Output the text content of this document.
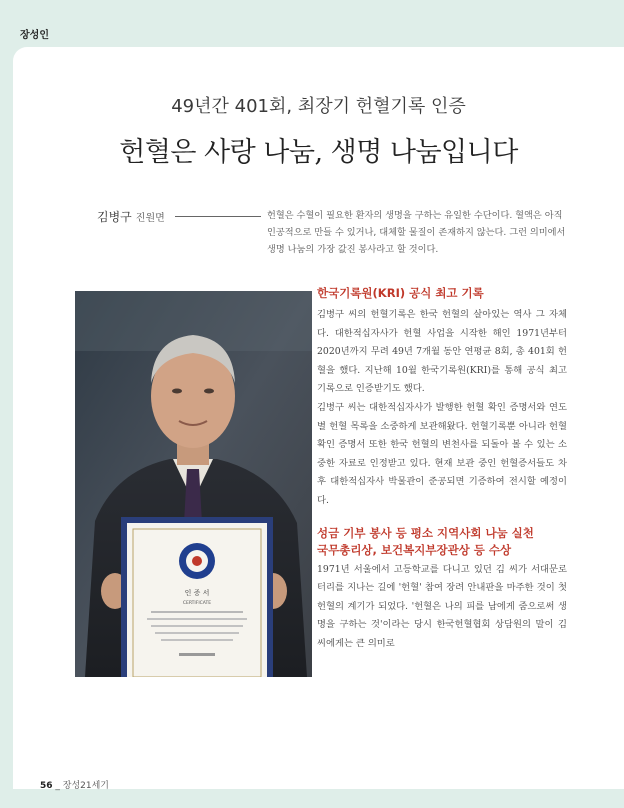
장성인
49년간 401회, 최장기 헌혈기록 인증
헌혈은 사랑 나눔, 생명 나눔입니다
김병구 진원면	헌혈은 수혈이 필요한 환자의 생명을 구하는 유일한 수단이다. 혈액은 아직 인공적으로 만들 수 있거나, 대체할 물질이 존재하지 않는다. 그런 의미에서 생명 나눔의 가장 값진 봉사라고 할 것이다.
인 증 서
CERTIFICATE
한국기록원(KRI) 공식 최고 기록

김병구 씨의 헌혈기록은 한국 헌혈의 살아있는 역사 그 자체다. 대한적십자사가 헌혈 사업을 시작한 해인 1971년부터 2020년까지 무려 49년 7개월 동안 연평균 8회, 총 401회 헌혈을 했다. 지난해 10월 한국기록원(KRI)를 통해 공식 최고 기록으로 인증받기도 했다.

김병구 씨는 대한적십자사가 발행한 헌혈 확인 증명서와 연도별 헌혈 목록을 소중하게 보관해왔다. 헌혈기록뿐 아니라 헌혈 확인 증명서 또한 한국 헌혈의 변천사를 되돌아 볼 수 있는 소중한 자료로 인정받고 있다. 현재 보관 중인 헌혈증서들도 차후 대한적십자사 박물관이 준공되면 기증하여 전시할 예정이다.

성금 기부 봉사 등 평소 지역사회 나눔 실천
국무총리상, 보건복지부장관상 등 수상

1971년 서울에서 고등학교를 다니고 있던 김 씨가 서대문로터리를 지나는 길에 '헌혈' 참여 장려 안내판을 마주한 것이 첫 헌혈의 계기가 되었다. '헌혈은 나의 피를 남에게 줌으로써 생명을 구하는 것'이라는 당시 한국헌혈협회 상담원의 말이 김 씨에게는 큰 의미로

56 _ 장성21세기
